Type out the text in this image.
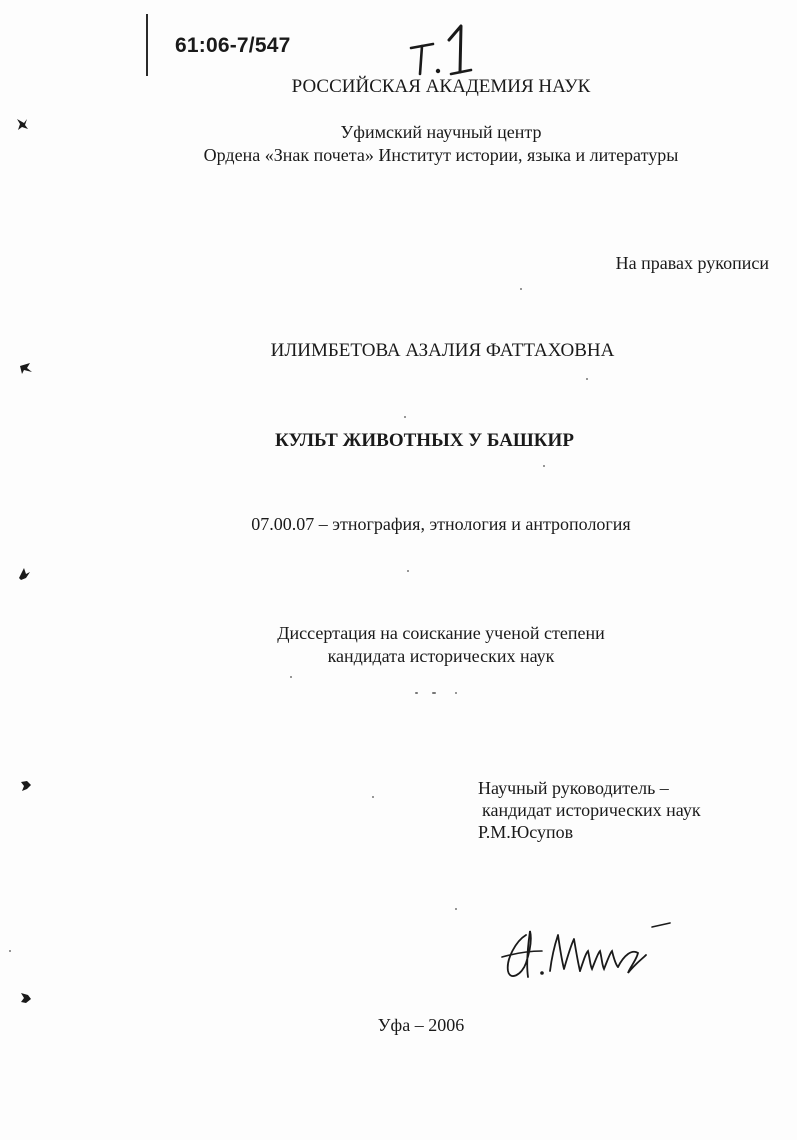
61:06-7/547
РОССИЙСКАЯ АКАДЕМИЯ НАУК
Уфимский научный центр
Ордена «Знак почета» Институт истории, языка и литературы
На правах рукописи
ИЛИМБЕТОВА АЗАЛИЯ ФАТТАХОВНА
КУЛЬТ ЖИВОТНЫХ У БАШКИР
07.00.07 – этнография, этнология и антропология
Диссертация на соискание ученой степени
кандидата исторических наук
Научный руководитель –
кандидат исторических наук
Р.М.Юсупов
Уфа – 2006
